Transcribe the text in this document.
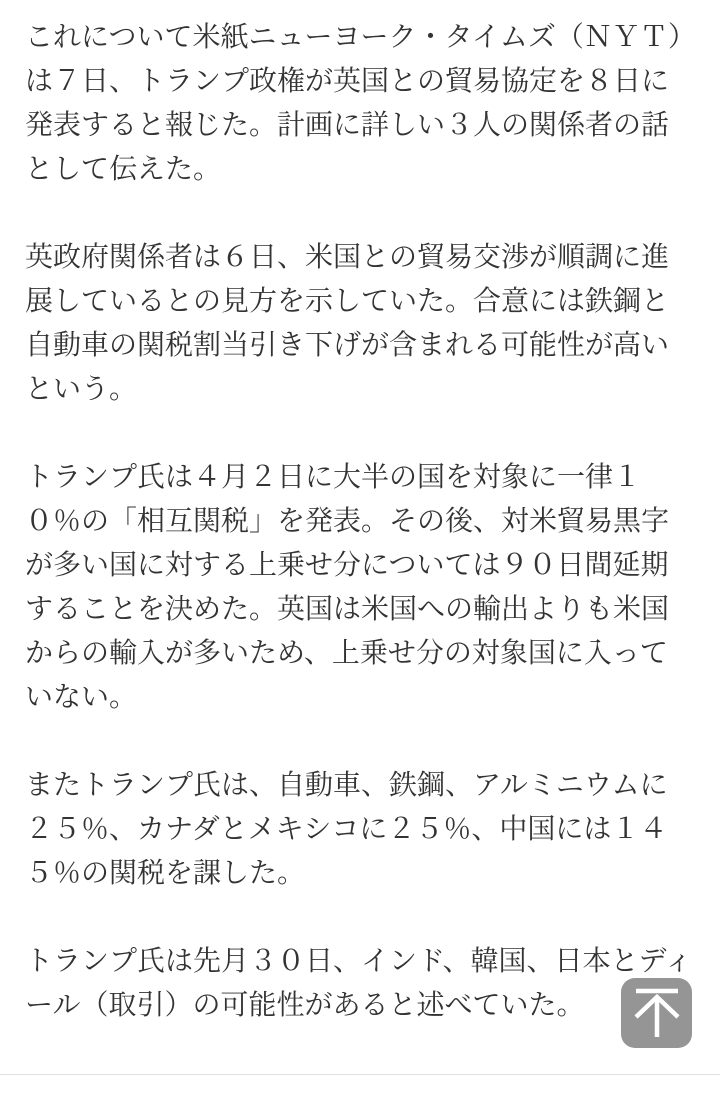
これについて米紙ニューヨーク・タイムズ（ＮＹＴ）は７日、トランプ政権が英国との貿易協定を８日に発表すると報じた。計画に詳しい３人の関係者の話として伝えた。

英政府関係者は６日、米国との貿易交渉が順調に進展しているとの見方を示していた。合意には鉄鋼と自動車の関税割当引き下げが含まれる可能性が高いという。

トランプ氏は４月２日に大半の国を対象に一律１０％の「相互関税」を発表。その後、対米貿易黒字が多い国に対する上乗せ分については９０日間延期することを決めた。英国は米国への輸出よりも米国からの輸入が多いため、上乗せ分の対象国に入っていない。

またトランプ氏は、自動車、鉄鋼、アルミニウムに２５％、カナダとメキシコに２５％、中国には１４５％の関税を課した。

トランプ氏は先月３０日、インド、韓国、日本とディール（取引）の可能性があると述べていた。
